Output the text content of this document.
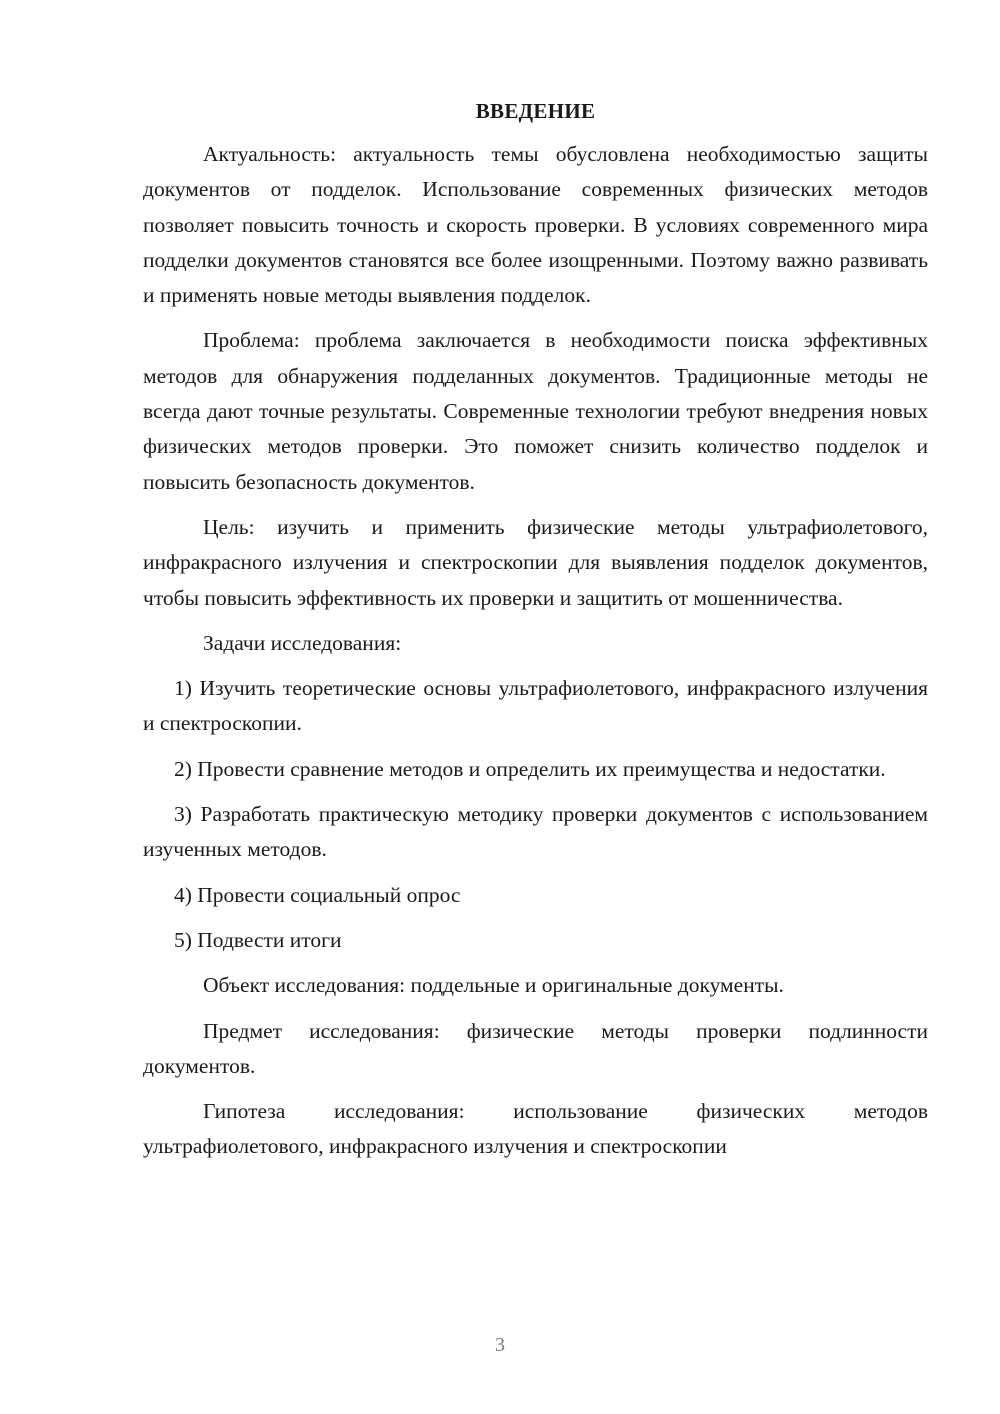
ВВЕДЕНИЕ

Актуальность: актуальность темы обусловлена необходимостью защиты документов от подделок. Использование современных физических методов позволяет повысить точность и скорость проверки. В условиях современного мира подделки документов становятся все более изощренными. Поэтому важно развивать и применять новые методы выявления подделок.

Проблема: проблема заключается в необходимости поиска эффективных методов для обнаружения подделанных документов. Традиционные методы не всегда дают точные результаты. Современные технологии требуют внедрения новых физических методов проверки. Это поможет снизить количество подделок и повысить безопасность документов.

Цель: изучить и применить физические методы ультрафиолетового, инфракрасного излучения и спектроскопии для выявления подделок документов, чтобы повысить эффективность их проверки и защитить от мошенничества.

Задачи исследования:

1) Изучить теоретические основы ультрафиолетового, инфракрасного излучения и спектроскопии.

2) Провести сравнение методов и определить их преимущества и недостатки.

3) Разработать практическую методику проверки документов с использованием изученных методов.

4) Провести социальный опрос

5) Подвести итоги

Объект исследования: поддельные и оригинальные документы.

Предмет исследования: физические методы проверки подлинности документов.

Гипотеза исследования: использование физических методов ультрафиолетового, инфракрасного излучения и спектроскопии

3
